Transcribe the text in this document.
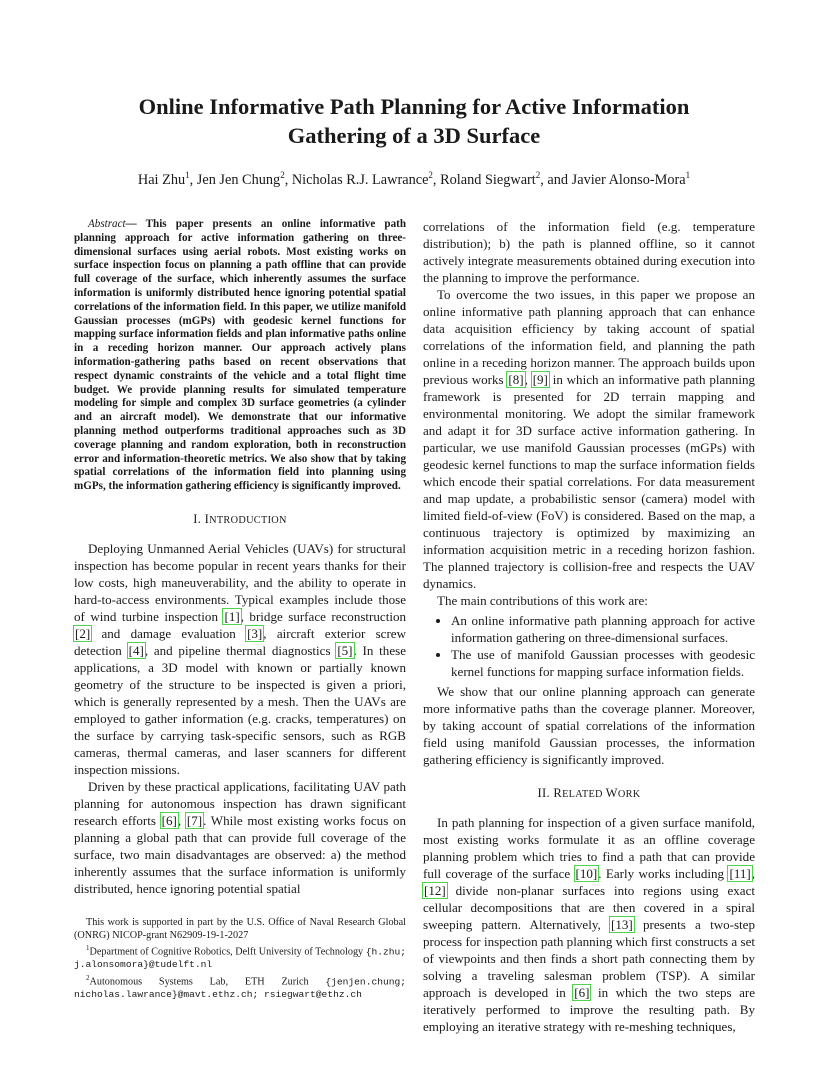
Online Informative Path Planning for Active Information Gathering of a 3D Surface
Hai Zhu$^1$, Jen Jen Chung$^2$, Nicholas R.J. Lawrance$^2$, Roland Siegwart$^2$, and Javier Alonso-Mora$^1$

Abstract— This paper presents an online informative path planning approach for active information gathering on three-dimensional surfaces using aerial robots. Most existing works on surface inspection focus on planning a path offline that can provide full coverage of the surface, which inherently assumes the surface information is uniformly distributed hence ignoring potential spatial correlations of the information field. In this paper, we utilize manifold Gaussian processes (mGPs) with geodesic kernel functions for mapping surface information fields and plan informative paths online in a receding horizon manner. Our approach actively plans information-gathering paths based on recent observations that respect dynamic constraints of the vehicle and a total flight time budget. We provide planning results for simulated temperature modeling for simple and complex 3D surface geometries (a cylinder and an aircraft model). We demonstrate that our informative planning method outperforms traditional approaches such as 3D coverage planning and random exploration, both in reconstruction error and information-theoretic metrics. We also show that by taking spatial correlations of the information field into planning using mGPs, the information gathering efficiency is significantly improved.

I. INTRODUCTION

Deploying Unmanned Aerial Vehicles (UAVs) for structural inspection has become popular in recent years thanks for their low costs, high maneuverability, and the ability to operate in hard-to-access environments. Typical examples include those of wind turbine inspection [1], bridge surface reconstruction [2] and damage evaluation [3], aircraft exterior screw detection [4], and pipeline thermal diagnostics [5]. In these applications, a 3D model with known or partially known geometry of the structure to be inspected is given a priori, which is generally represented by a mesh. Then the UAVs are employed to gather information (e.g. cracks, temperatures) on the surface by carrying task-specific sensors, such as RGB cameras, thermal cameras, and laser scanners for different inspection missions.

Driven by these practical applications, facilitating UAV path planning for autonomous inspection has drawn significant research efforts [6], [7]. While most existing works focus on planning a global path that can provide full coverage of the surface, two main disadvantages are observed: a) the method inherently assumes that the surface information is uniformly distributed, hence ignoring potential spatial

This work is supported in part by the U.S. Office of Naval Research Global (ONRG) NICOP-grant N62909-19-1-2027

$^1$Department of Cognitive Robotics, Delft University of Technology {h.zhu; j.alonsomora}@tudelft.nl

$^2$Autonomous Systems Lab, ETH Zurich {jenjen.chung; nicholas.lawrance}@mavt.ethz.ch; rsiegwart@ethz.ch

correlations of the information field (e.g. temperature distribution); b) the path is planned offline, so it cannot actively integrate measurements obtained during execution into the planning to improve the performance.

To overcome the two issues, in this paper we propose an online informative path planning approach that can enhance data acquisition efficiency by taking account of spatial correlations of the information field, and planning the path online in a receding horizon manner. The approach builds upon previous works [8], [9] in which an informative path planning framework is presented for 2D terrain mapping and environmental monitoring. We adopt the similar framework and adapt it for 3D surface active information gathering. In particular, we use manifold Gaussian processes (mGPs) with geodesic kernel functions to map the surface information fields which encode their spatial correlations. For data measurement and map update, a probabilistic sensor (camera) model with limited field-of-view (FoV) is considered. Based on the map, a continuous trajectory is optimized by maximizing an information acquisition metric in a receding horizon fashion. The planned trajectory is collision-free and respects the UAV dynamics.

The main contributions of this work are:

• An online informative path planning approach for active information gathering on three-dimensional surfaces.
• The use of manifold Gaussian processes with geodesic kernel functions for mapping surface information fields.

We show that our online planning approach can generate more informative paths than the coverage planner. Moreover, by taking account of spatial correlations of the information field using manifold Gaussian processes, the information gathering efficiency is significantly improved.

II. RELATED WORK

In path planning for inspection of a given surface manifold, most existing works formulate it as an offline coverage planning problem which tries to find a path that can provide full coverage of the surface [10]. Early works including [11], [12] divide non-planar surfaces into regions using exact cellular decompositions that are then covered in a spiral sweeping pattern. Alternatively, [13] presents a two-step process for inspection path planning which first constructs a set of viewpoints and then finds a short path connecting them by solving a traveling salesman problem (TSP). A similar approach is developed in [6] in which the two steps are iteratively performed to improve the resulting path. By employing an iterative strategy with re-meshing techniques,
